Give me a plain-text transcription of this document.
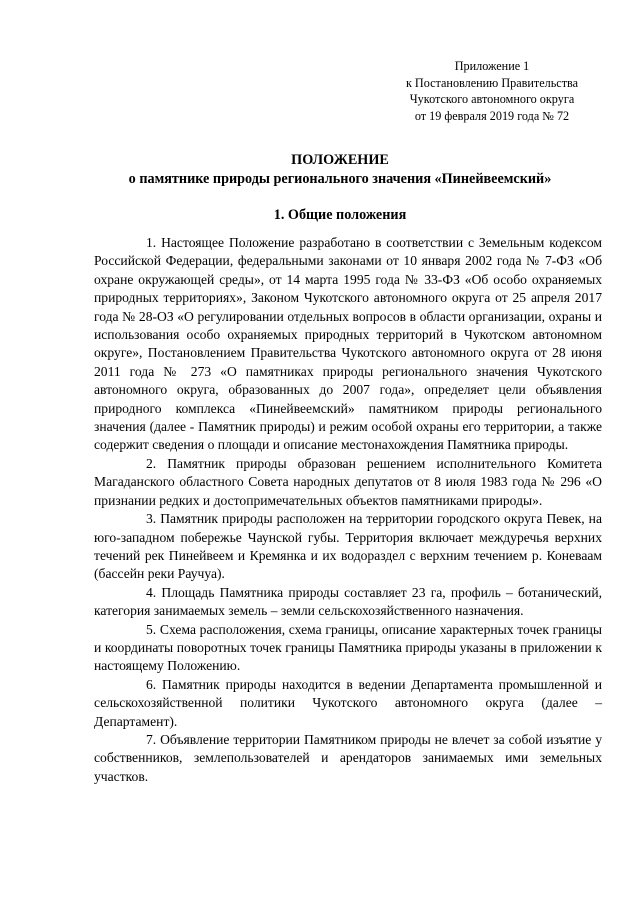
Приложение 1
к Постановлению Правительства
Чукотского автономного округа
от 19 февраля 2019 года № 72
ПОЛОЖЕНИЕ
о памятнике природы регионального значения «Пинейвеемский»
1. Общие положения

1. Настоящее Положение разработано в соответствии с Земельным кодексом Российской Федерации, федеральными законами от 10 января 2002 года № 7-ФЗ «Об охране окружающей среды», от 14 марта 1995 года № 33-ФЗ «Об особо охраняемых природных территориях», Законом Чукотского автономного округа от 25 апреля 2017 года № 28-ОЗ «О регулировании отдельных вопросов в области организации, охраны и использования особо охраняемых природных территорий в Чукотском автономном округе», Постановлением Правительства Чукотского автономного округа от 28 июня 2011 года № 273 «О памятниках природы регионального значения Чукотского автономного округа, образованных до 2007 года», определяет цели объявления природного комплекса «Пинейвеемский» памятником природы регионального значения (далее - Памятник природы) и режим особой охраны его территории, а также содержит сведения о площади и описание местонахождения Памятника природы.

2. Памятник природы образован решением исполнительного Комитета Магаданского областного Совета народных депутатов от 8 июля 1983 года № 296 «О признании редких и достопримечательных объектов памятниками природы».

3. Памятник природы расположен на территории городского округа Певек, на юго-западном побережье Чаунской губы. Территория включает междуречья верхних течений рек Пинейвеем и Кремянка и их водораздел с верхним течением р. Коневаам (бассейн реки Раучуа).

4. Площадь Памятника природы составляет 23 га, профиль – ботанический, категория занимаемых земель – земли сельскохозяйственного назначения.

5. Схема расположения, схема границы, описание характерных точек границы и координаты поворотных точек границы Памятника природы указаны в приложении к настоящему Положению.

6. Памятник природы находится в ведении Департамента промышленной и сельскохозяйственной политики Чукотского автономного округа (далее – Департамент).

7. Объявление территории Памятником природы не влечет за собой изъятие у собственников, землепользователей и арендаторов занимаемых ими земельных участков.
